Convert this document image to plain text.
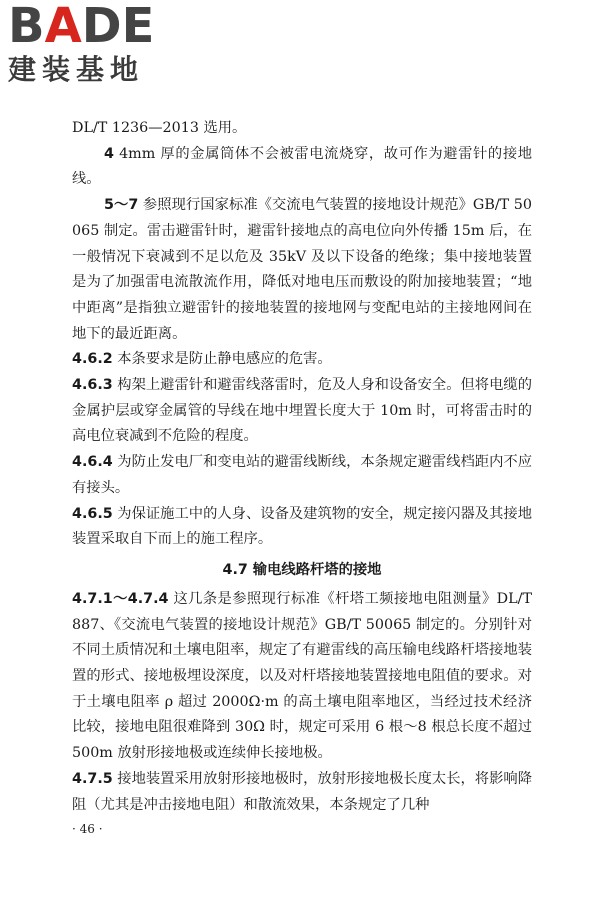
BADE
建装基地

DL/T 1236—2013 选用。

4 4mm 厚的金属筒体不会被雷电流烧穿，故可作为避雷针的接地线。

5～7 参照现行国家标准《交流电气装置的接地设计规范》GB/T 50065 制定。雷击避雷针时，避雷针接地点的高电位向外传播 15m 后，在一般情况下衰减到不足以危及 35kV 及以下设备的绝缘；集中接地装置是为了加强雷电流散流作用，降低对地电压而敷设的附加接地装置；“地中距离”是指独立避雷针的接地装置的接地网与变配电站的主接地网间在地下的最近距离。

4.6.2 本条要求是防止静电感应的危害。

4.6.3 构架上避雷针和避雷线落雷时，危及人身和设备安全。但将电缆的金属护层或穿金属管的导线在地中埋置长度大于 10m 时，可将雷击时的高电位衰减到不危险的程度。

4.6.4 为防止发电厂和变电站的避雷线断线，本条规定避雷线档距内不应有接头。

4.6.5 为保证施工中的人身、设备及建筑物的安全，规定接闪器及其接地装置采取自下而上的施工程序。

4.7 输电线路杆塔的接地

4.7.1～4.7.4 这几条是参照现行标准《杆塔工频接地电阻测量》DL/T 887、《交流电气装置的接地设计规范》GB/T 50065 制定的。分别针对不同土质情况和土壤电阻率，规定了有避雷线的高压输电线路杆塔接地装置的形式、接地极埋设深度，以及对杆塔接地装置接地电阻值的要求。对于土壤电阻率 ρ 超过 2000Ω·m 的高土壤电阻率地区，当经过技术经济比较，接地电阻很难降到 30Ω 时，规定可采用 6 根～8 根总长度不超过 500m 放射形接地极或连续伸长接地极。

4.7.5 接地装置采用放射形接地极时，放射形接地极长度太长，将影响降阻（尤其是冲击接地电阻）和散流效果，本条规定了几种

· 46 ·
